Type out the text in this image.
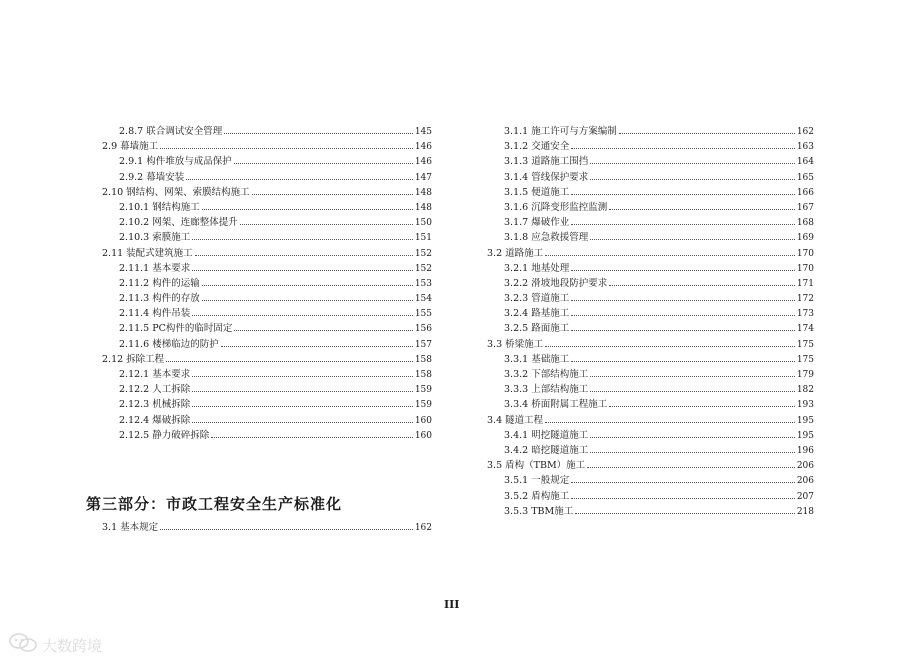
2.8.7 联合调试安全管理	145
2.9 幕墙施工	146
2.9.1 构件堆放与成品保护	146
2.9.2 幕墙安装	147
2.10 钢结构、网架、索膜结构施工	148
2.10.1 钢结构施工	148
2.10.2 网架、连廊整体提升	150
2.10.3 索膜施工	151
2.11 装配式建筑施工	152
2.11.1 基本要求	152
2.11.2 构件的运输	153
2.11.3 构件的存放	154
2.11.4 构件吊装	155
2.11.5 PC构件的临时固定	156
2.11.6 楼梯临边的防护	157
2.12 拆除工程	158
2.12.1 基本要求	158
2.12.2 人工拆除	159
2.12.3 机械拆除	159
2.12.4 爆破拆除	160
2.12.5 静力破碎拆除	160
第三部分：市政工程安全生产标准化
3.1 基本规定	162
3.1.1 施工许可与方案编制	162
3.1.2 交通安全	163
3.1.3 道路施工围挡	164
3.1.4 管线保护要求	165
3.1.5 便道施工	166
3.1.6 沉降变形监控监测	167
3.1.7 爆破作业	168
3.1.8 应急救援管理	169
3.2 道路施工	170
3.2.1 地基处理	170
3.2.2 滑坡地段防护要求	171
3.2.3 管道施工	172
3.2.4 路基施工	173
3.2.5 路面施工	174
3.3 桥梁施工	175
3.3.1 基础施工	175
3.3.2 下部结构施工	179
3.3.3 上部结构施工	182
3.3.4 桥面附属工程施工	193
3.4 隧道工程	195
3.4.1 明挖隧道施工	195
3.4.2 暗挖隧道施工	196
3.5 盾构（TBM）施工	206
3.5.1 一般规定	206
3.5.2 盾构施工	207
3.5.3 TBM施工	218
III
大数跨境
